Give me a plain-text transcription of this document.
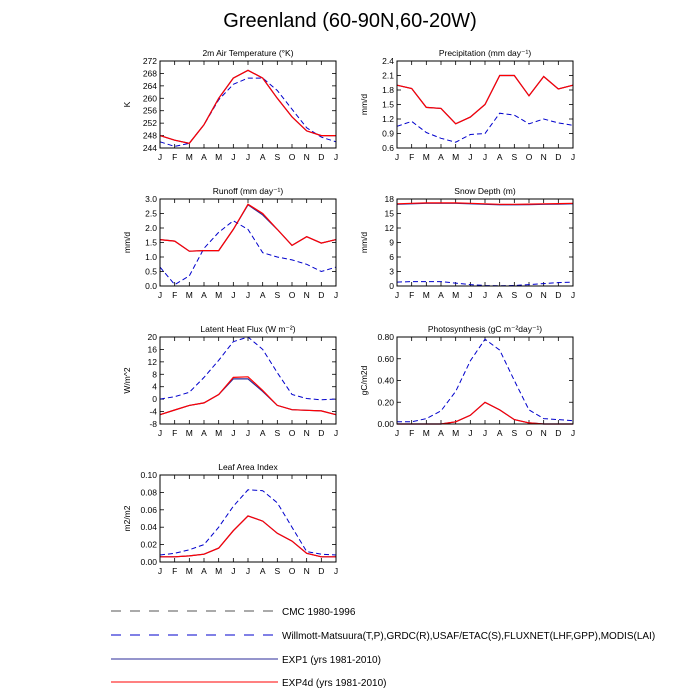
Greenland (60-90N,60-20W)
2m Air Temperature (°K)
K
244
248
252
256
260
264
268
272
J F M A M J J A S O N D J
Precipitation (mm day⁻¹)
mm/d
0.6
0.9
1.2
1.5
1.8
2.1
2.4
J F M A M J J A S O N D J
Runoff (mm day⁻¹)
mm/d
0.0
0.5
1.0
1.5
2.0
2.5
3.0
J F M A M J J A S O N D J
Snow Depth (m)
mm/d
0
3
6
9
12
15
18
J F M A M J J A S O N D J
Latent Heat Flux (W m⁻²)
W/m^2
-8
-4
0
4
8
12
16
20
J F M A M J J A S O N D J
Photosynthesis (gC m⁻²day⁻¹)
gC/m2d
0.00
0.20
0.40
0.60
0.80
J F M A M J J A S O N D J
Leaf Area Index
m2/m2
0.00
0.02
0.04
0.06
0.08
0.10
J F M A M J J A S O N D J
CMC 1980-1996
Willmott-Matsuura(T,P),GRDC(R),USAF/ETAC(S),FLUXNET(LHF,GPP),MODIS(LAI)
EXP1 (yrs 1981-2010)
EXP4d (yrs 1981-2010)
